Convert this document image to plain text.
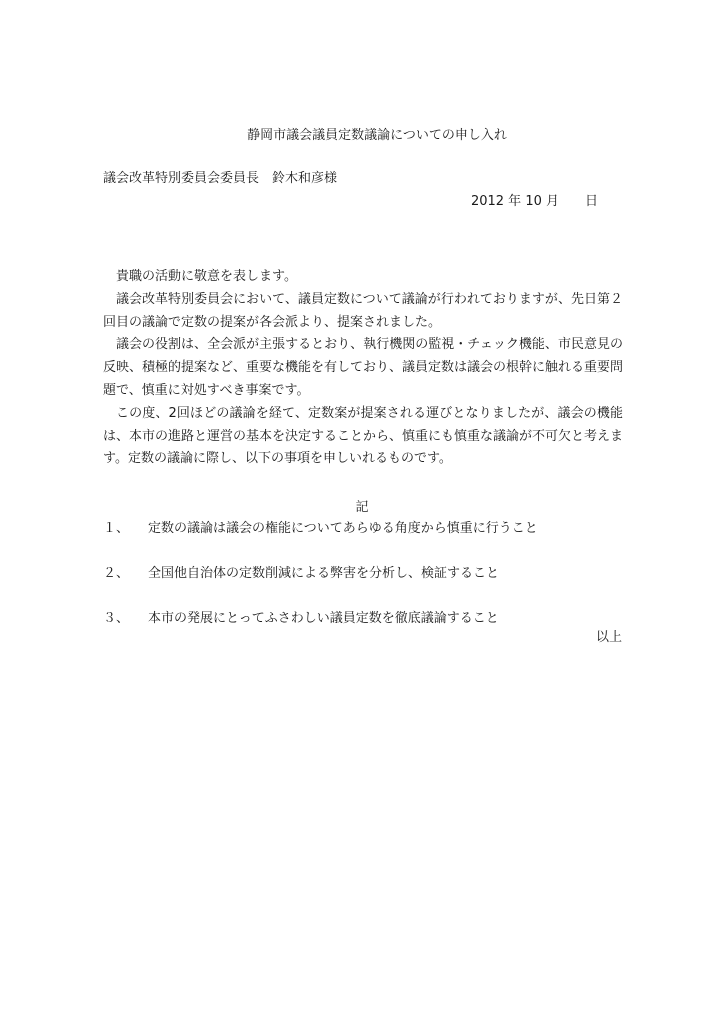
静岡市議会議員定数議論についての申し入れ
議会改革特別委員会委員長　鈴木和彦様
2012 年 10 月　　日

貴職の活動に敬意を表します。

議会改革特別委員会において、議員定数について議論が行われておりますが、先日第２回目の議論で定数の提案が各会派より、提案されました。

議会の役割は、全会派が主張するとおり、執行機関の監視・チェック機能、市民意見の反映、積極的提案など、重要な機能を有しており、議員定数は議会の根幹に触れる重要問題で、慎重に対処すべき事案です。

この度、2回ほどの議論を経て、定数案が提案される運びとなりましたが、議会の機能は、本市の進路と運営の基本を決定することから、慎重にも慎重な議論が不可欠と考えます。定数の議論に際し、以下の事項を申しいれるものです。

記
１、	定数の議論は議会の権能についてあらゆる角度から慎重に行うこと
２、	全国他自治体の定数削減による弊害を分析し、検証すること
３、	本市の発展にとってふさわしい議員定数を徹底議論すること
以上
